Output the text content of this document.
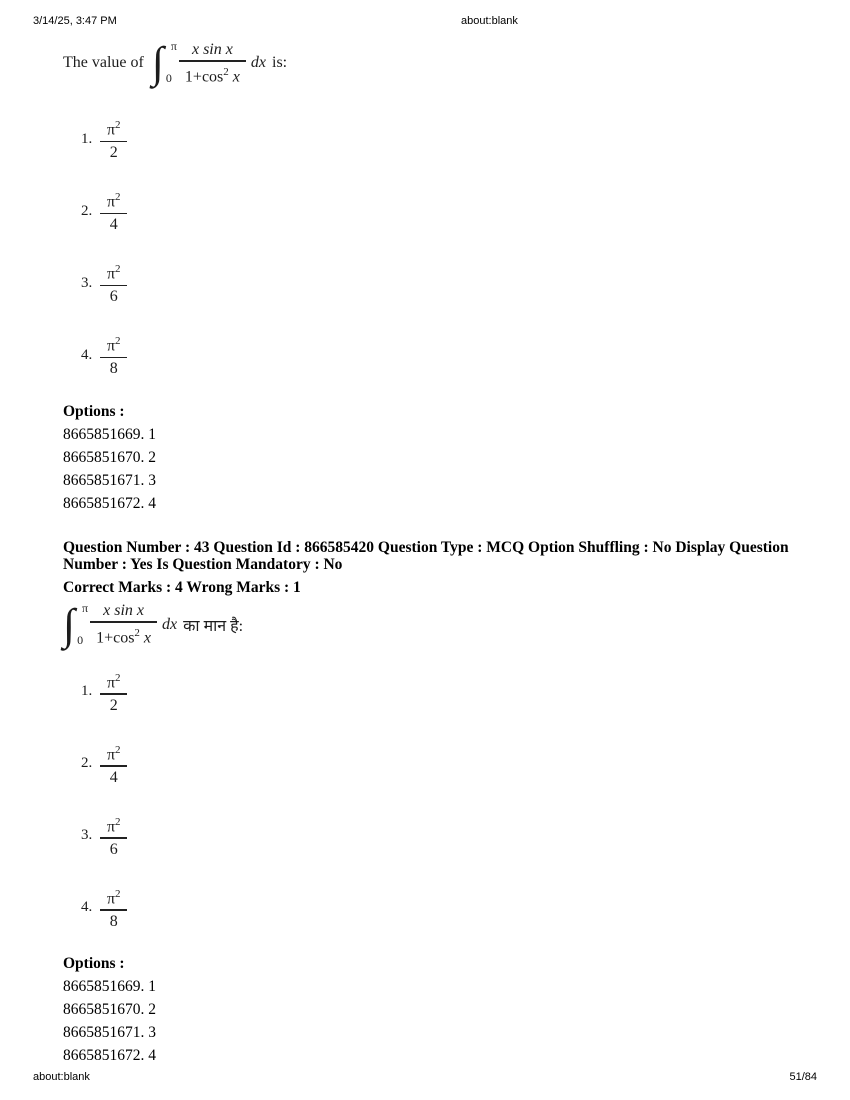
3/14/25, 3:47 PM	about:blank
The value of ∫ π
$0 \frac{\text{x sin x}}{1+\cos^2 x}$ dx is:
1.
$\pi^2$
2
2.
$\pi^2$
4
3.
$\pi^2$
6
4.
$\pi^2$
8
Options :
8665851669. 1
8665851670. 2
8665851671. 3
8665851672. 4

Question Number : 43 Question Id : 866585420 Question Type : MCQ Option Shuffling : No Display Question
Number : Yes Is Question Mandatory : No

Correct Marks : 4 Wrong Marks : 1

∫ π
$0 \frac{\text{x sin x}}{1+\cos^2 x}$ dx का मान है:
1.
$\pi^2$
2
2.
$\pi^2$
4
3.
$\pi^2$
6
4.
$\pi^2$
8
Options :
8665851669. 1
8665851670. 2
8665851671. 3
8665851672. 4
about:blank	51/84
